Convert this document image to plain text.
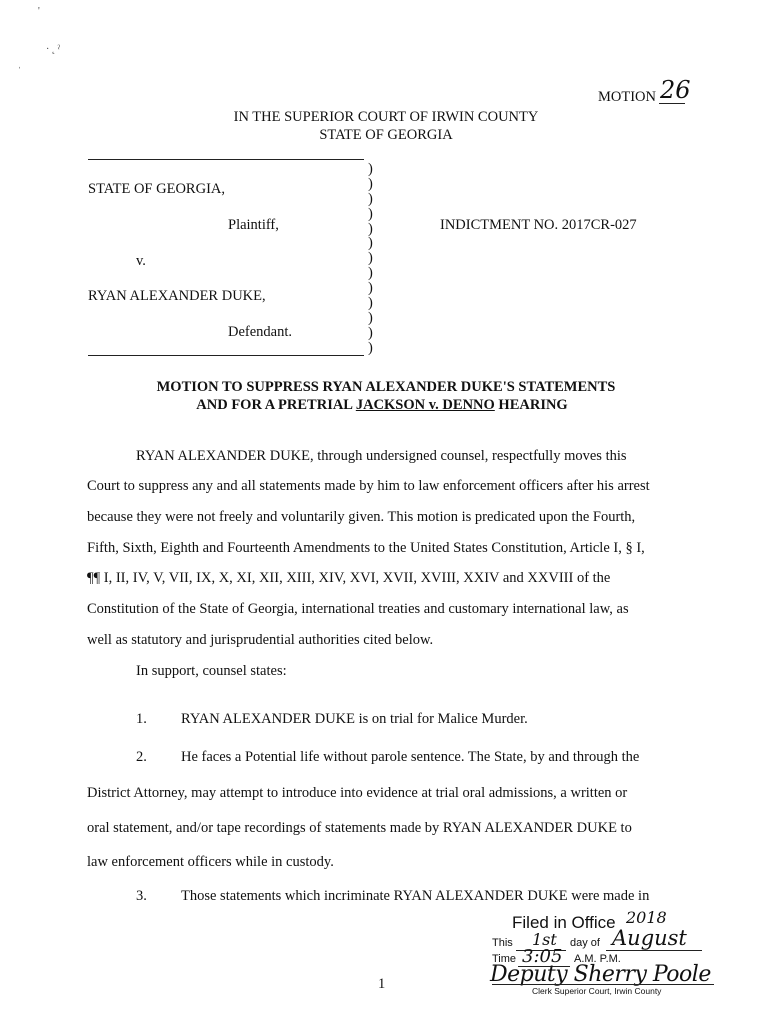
'
· ˛ ˀ
ˌ
MOTION 26
IN THE SUPERIOR COURT OF IRWIN COUNTY
STATE OF GEORGIA
STATE OF GEORGIA,
Plaintiff,
v.
RYAN ALEXANDER DUKE,
Defendant.
)
)
)
)
)
)
)
)
)
)
)
)
)
INDICTMENT NO. 2017CR-027
MOTION TO SUPPRESS RYAN ALEXANDER DUKE'S STATEMENTS
AND FOR A PRETRIAL JACKSON v. DENNO HEARING
RYAN ALEXANDER DUKE, through undersigned counsel, respectfully moves this
Court to suppress any and all statements made by him to law enforcement officers after his arrest
because they were not freely and voluntarily given. This motion is predicated upon the Fourth,
Fifth, Sixth, Eighth and Fourteenth Amendments to the United States Constitution, Article I, § I,
¶¶ I, II, IV, V, VII, IX, X, XI, XII, XIII, XIV, XVI, XVII, XVIII, XXIV and XXVIII of the
Constitution of the State of Georgia, international treaties and customary international law, as
well as statutory and jurisprudential authorities cited below.
In support, counsel states:
1. RYAN ALEXANDER DUKE is on trial for Malice Murder.
2. He faces a Potential life without parole sentence. The State, by and through the
District Attorney, may attempt to introduce into evidence at trial oral admissions, a written or
oral statement, and/or tape recordings of statements made by RYAN ALEXANDER DUKE to
law enforcement officers while in custody.
3. Those statements which incriminate RYAN ALEXANDER DUKE were made in
1
Filed in Office 2018
This 1st day of August
Time 3:05 A.M. P.M.
Deputy Sherry Poole
Clerk Superior Court, Irwin County
